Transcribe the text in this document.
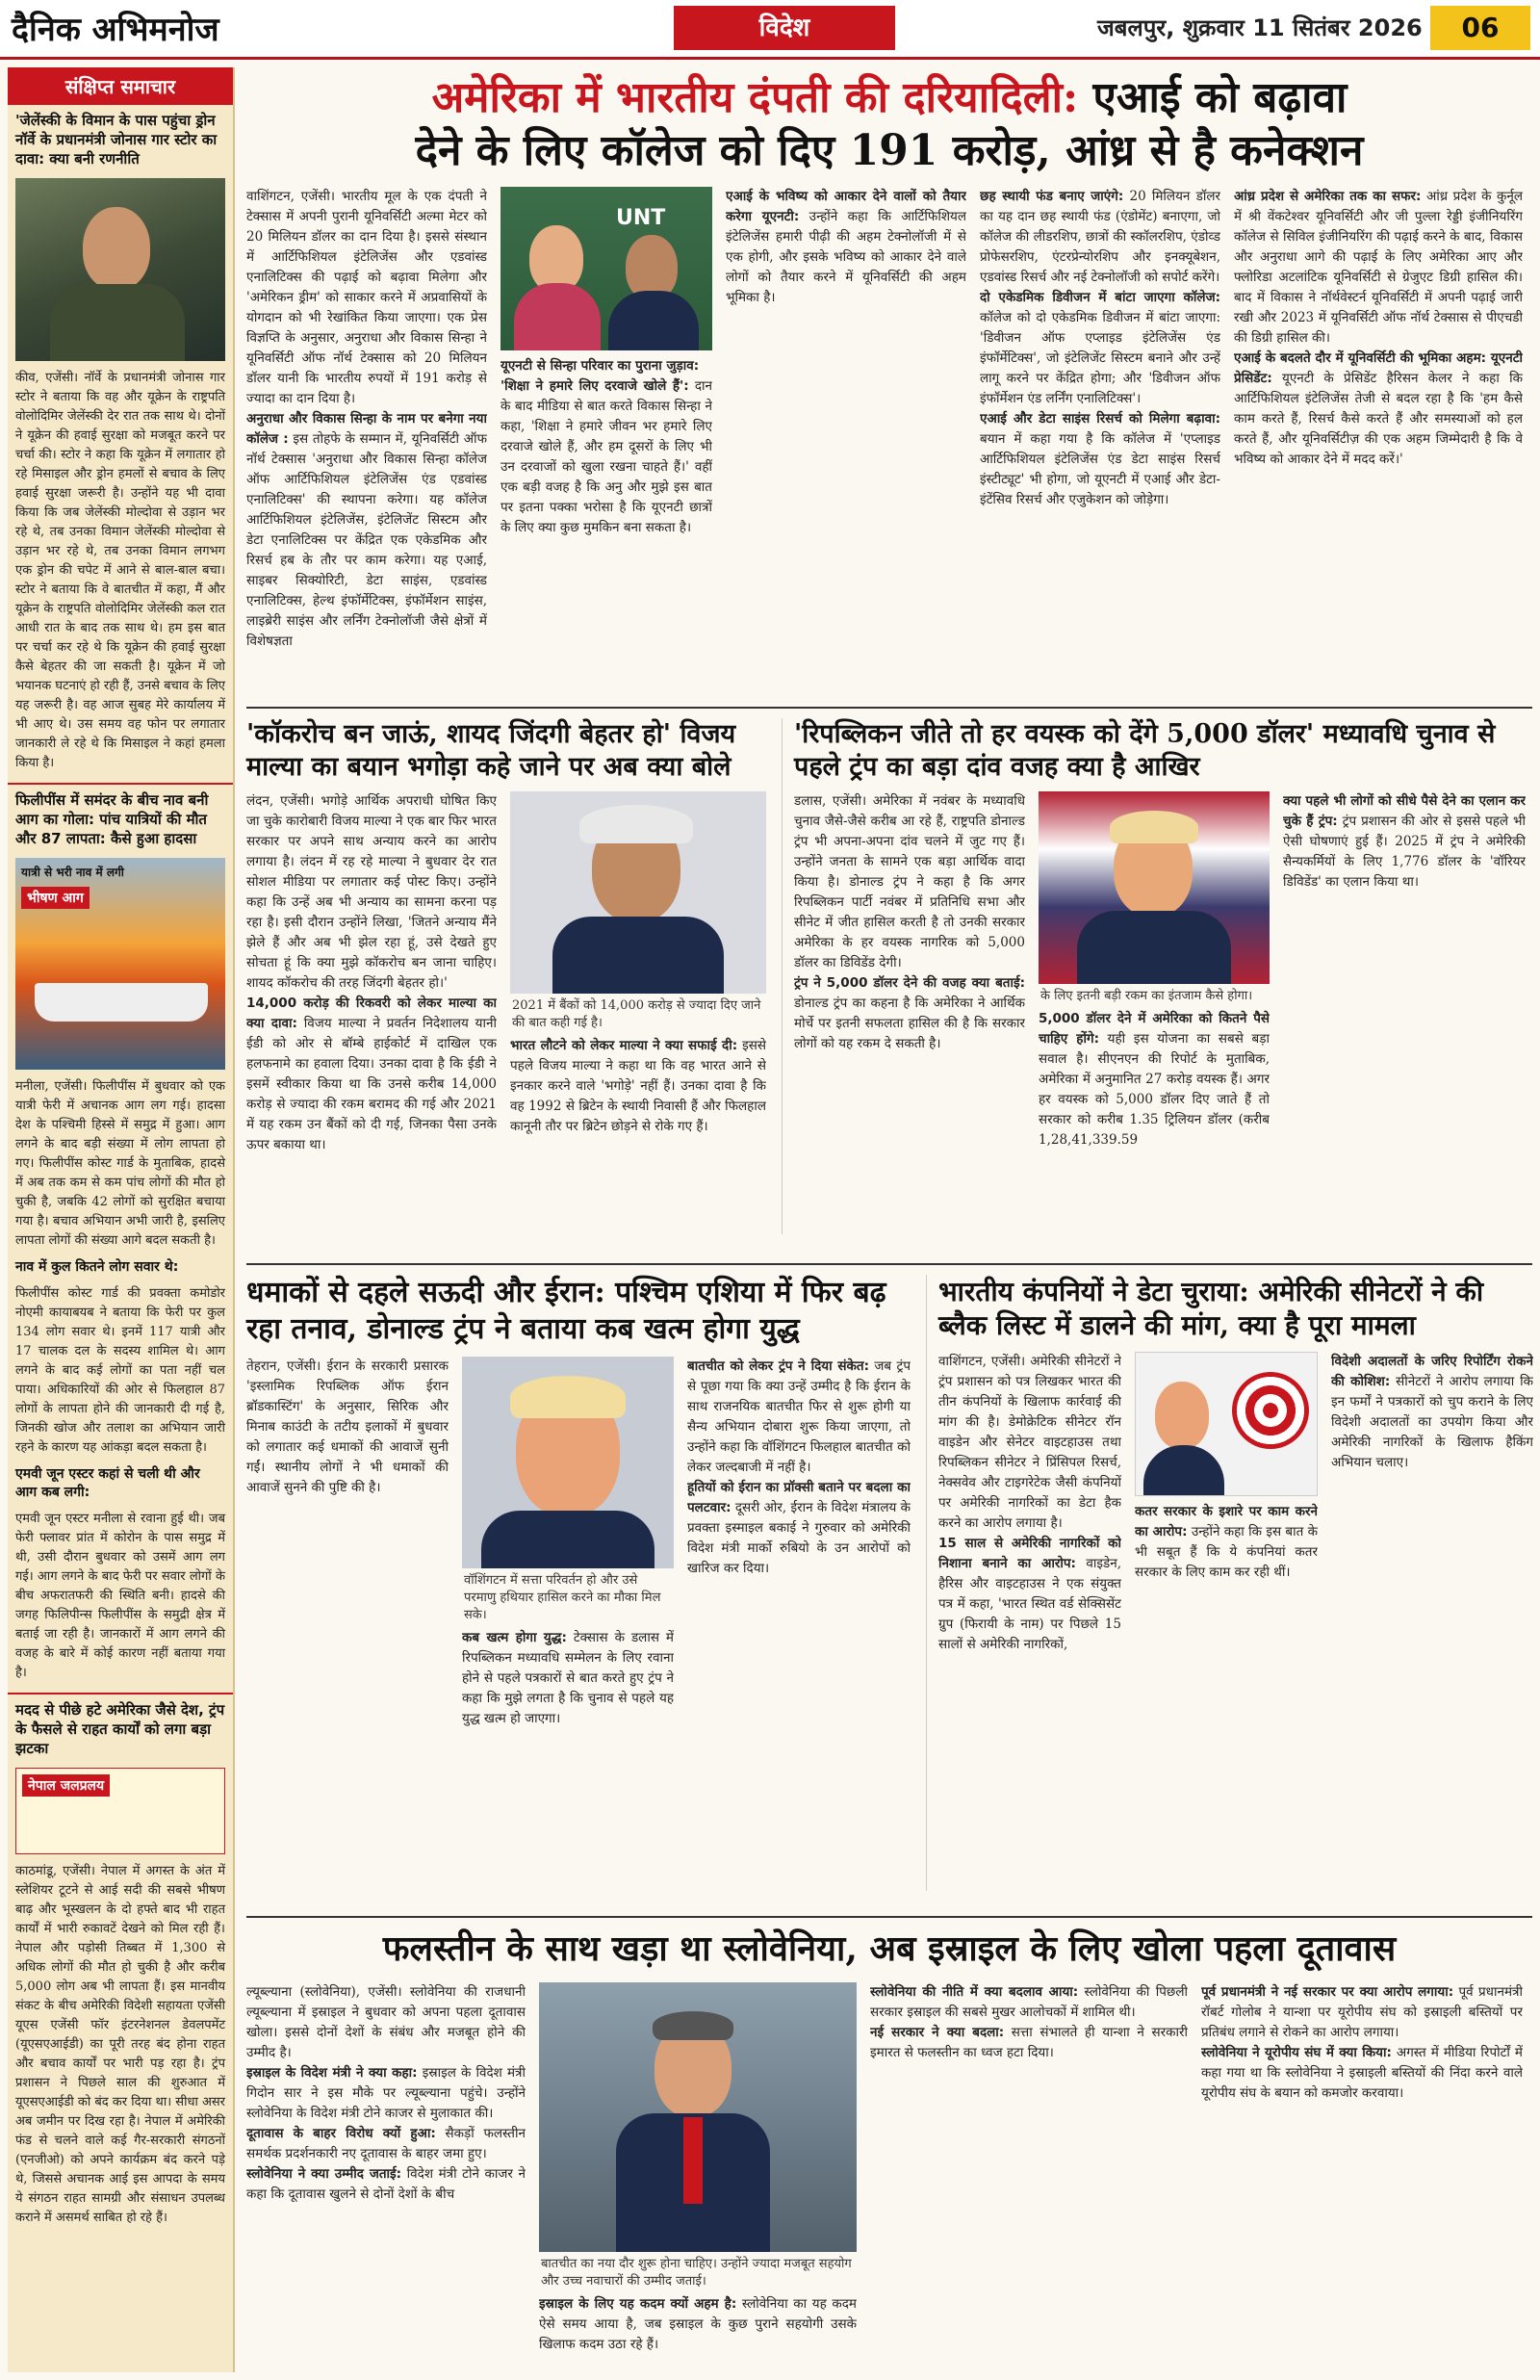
दैनिक अभिमनोज	विदेश	जबलपुर, शुक्रवार 11 सितंबर 2026	06
संक्षिप्त समाचार
'जेलेंस्की के विमान के पास पहुंचा ड्रोन नॉर्वे के प्रधानमंत्री जोनास गार स्टोर का दावा: क्या बनी रणनीति
कीव, एजेंसी। नॉर्वे के प्रधानमंत्री जोनास गार स्टोर ने बताया कि वह और यूक्रेन के राष्ट्रपति वोलोदिमिर जेलेंस्की देर रात तक साथ थे। दोनों ने यूक्रेन की हवाई सुरक्षा को मजबूत करने पर चर्चा की। स्टोर ने कहा कि यूक्रेन में लगातार हो रहे मिसाइल और ड्रोन हमलों से बचाव के लिए हवाई सुरक्षा जरूरी है। उन्होंने यह भी दावा किया कि जब जेलेंस्की मोल्दोवा से उड़ान भर रहे थे, तब उनका विमान जेलेंस्की मोल्दोवा से उड़ान भर रहे थे, तब उनका विमान लगभग एक ड्रोन की चपेट में आने से बाल-बाल बचा। स्टोर ने बताया कि वे बातचीत में कहा, मैं और यूक्रेन के राष्ट्रपति वोलोदिमिर जेलेंस्की कल रात आधी रात के बाद तक साथ थे। हम इस बात पर चर्चा कर रहे थे कि यूक्रेन की हवाई सुरक्षा कैसे बेहतर की जा सकती है। यूक्रेन में जो भयानक घटनाएं हो रही हैं, उनसे बचाव के लिए यह जरूरी है। वह आज सुबह मेरे कार्यालय में भी आए थे। उस समय वह फोन पर लगातार जानकारी ले रहे थे कि मिसाइल ने कहां हमला किया है।
फिलीपींस में समंदर के बीच नाव बनी आग का गोला: पांच यात्रियों की मौत और 87 लापता: कैसे हुआ हादसा
भीषण आग
यात्री से भरी नाव में लगी
मनीला, एजेंसी। फिलीपींस में बुधवार को एक यात्री फेरी में अचानक आग लग गई। हादसा देश के पश्चिमी हिस्से में समुद्र में हुआ। आग लगने के बाद बड़ी संख्या में लोग लापता हो गए। फिलीपींस कोस्ट गार्ड के मुताबिक, हादसे में अब तक कम से कम पांच लोगों की मौत हो चुकी है, जबकि 42 लोगों को सुरक्षित बचाया गया है। बचाव अभियान अभी जारी है, इसलिए लापता लोगों की संख्या आगे बदल सकती है।
नाव में कुल कितने लोग सवार थे:
फिलीपींस कोस्ट गार्ड की प्रवक्ता कमोडोर नोएमी कायाबयब ने बताया कि फेरी पर कुल 134 लोग सवार थे। इनमें 117 यात्री और 17 चालक दल के सदस्य शामिल थे। आग लगने के बाद कई लोगों का पता नहीं चल पाया। अधिकारियों की ओर से फिलहाल 87 लोगों के लापता होने की जानकारी दी गई है, जिनकी खोज और तलाश का अभियान जारी रहने के कारण यह आंकड़ा बदल सकता है।
एमवी जून एस्टर कहां से चली थी और आग कब लगी:
एमवी जून एस्टर मनीला से रवाना हुई थी। जब फेरी फ्लावर प्रांत में कोरोन के पास समुद्र में थी, उसी दौरान बुधवार को उसमें आग लग गई। आग लगने के बाद फेरी पर सवार लोगों के बीच अफरातफरी की स्थिति बनी। हादसे की जगह फिलिपीन्स फिलीपींस के समुद्री क्षेत्र में बताई जा रही है। जानकारों में आग लगने की वजह के बारे में कोई कारण नहीं बताया गया है।
मदद से पीछे हटे अमेरिका जैसे देश, ट्रंप के फैसले से राहत कार्यों को लगा बड़ा झटका
नेपाल जलप्रलय
काठमांडू, एजेंसी। नेपाल में अगस्त के अंत में स्लेशियर टूटने से आई सदी की सबसे भीषण बाढ़ और भूस्खलन के दो हफ्ते बाद भी राहत कार्यों में भारी रुकावटें देखने को मिल रही हैं। नेपाल और पड़ोसी तिब्बत में 1,300 से अधिक लोगों की मौत हो चुकी है और करीब 5,000 लोग अब भी लापता हैं। इस मानवीय संकट के बीच अमेरिकी विदेशी सहायता एजेंसी यूएस एजेंसी फॉर इंटरनेशनल डेवलपमेंट (यूएसएआईडी) का पूरी तरह बंद होना राहत और बचाव कार्यों पर भारी पड़ रहा है। ट्रंप प्रशासन ने पिछले साल की शुरुआत में यूएसएआईडी को बंद कर दिया था। सीधा असर अब जमीन पर दिख रहा है। नेपाल में अमेरिकी फंड से चलने वाले कई गैर-सरकारी संगठनों (एनजीओ) को अपने कार्यक्रम बंद करने पड़े थे, जिससे अचानक आई इस आपदा के समय ये संगठन राहत सामग्री और संसाधन उपलब्ध कराने में असमर्थ साबित हो रहे हैं।
अमेरिका में भारतीय दंपती की दरियादिली: एआई को बढ़ावा
देने के लिए कॉलेज को दिए 191 करोड़, आंध्र से है कनेक्शन

वाशिंगटन, एजेंसी। भारतीय मूल के एक दंपती ने टेक्सास में अपनी पुरानी यूनिवर्सिटी अल्मा मेटर को 20 मिलियन डॉलर का दान दिया है। इससे संस्थान में आर्टिफिशियल इंटेलिजेंस और एडवांस्ड एनालिटिक्स की पढ़ाई को बढ़ावा मिलेगा और 'अमेरिकन ड्रीम' को साकार करने में अप्रवासियों के योगदान को भी रेखांकित किया जाएगा। एक प्रेस विज्ञप्ति के अनुसार, अनुराधा और विकास सिन्हा ने यूनिवर्सिटी ऑफ नॉर्थ टेक्सास को 20 मिलियन डॉलर यानी कि भारतीय रुपयों में 191 करोड़ से ज्यादा का दान दिया है।

अनुराधा और विकास सिन्हा के नाम पर बनेगा नया कॉलेज : इस तोहफे के सम्मान में, यूनिवर्सिटी ऑफ नॉर्थ टेक्सास 'अनुराधा और विकास सिन्हा कॉलेज ऑफ आर्टिफिशियल इंटेलिजेंस एंड एडवांस्ड एनालिटिक्स' की स्थापना करेगा। यह कॉलेज आर्टिफिशियल इंटेलिजेंस, इंटेलिजेंट सिस्टम और डेटा एनालिटिक्स पर केंद्रित एक एकेडमिक और रिसर्च हब के तौर पर काम करेगा। यह एआई, साइबर सिक्योरिटी, डेटा साइंस, एडवांस्ड एनालिटिक्स, हेल्थ इंफॉर्मेटिक्स, इंफॉर्मेशन साइंस, लाइब्रेरी साइंस और लर्निंग टेक्नोलॉजी जैसे क्षेत्रों में विशेषज्ञता

UNT

यूएनटी से सिन्हा परिवार का पुराना जुड़ाव:

'शिक्षा ने हमारे लिए दरवाजे खोले हैं': दान के बाद मीडिया से बात करते विकास सिन्हा ने कहा, 'शिक्षा ने हमारे जीवन भर हमारे लिए दरवाजे खोले हैं, और हम दूसरों के लिए भी उन दरवाजों को खुला रखना चाहते हैं।' वहीं एक बड़ी वजह है कि अनु और मुझे इस बात पर इतना पक्का भरोसा है कि यूएनटी छात्रों के लिए क्या कुछ मुमकिन बना सकता है।

एआई के भविष्य को आकार देने वालों को तैयार करेगा यूएनटी: उन्होंने कहा कि आर्टिफिशियल इंटेलिजेंस हमारी पीढ़ी की अहम टेक्नोलॉजी में से एक होगी, और इसके भविष्य को आकार देने वाले लोगों को तैयार करने में यूनिवर्सिटी की अहम भूमिका है।

छह स्थायी फंड बनाए जाएंगे: 20 मिलियन डॉलर का यह दान छह स्थायी फंड (एंडोमेंट) बनाएगा, जो कॉलेज की लीडरशिप, छात्रों की स्कॉलरशिप, एंडोव्ड प्रोफेसरशिप, एंटरप्रेन्योरशिप और इनक्यूबेशन, एडवांस्ड रिसर्च और नई टेक्नोलॉजी को सपोर्ट करेंगे।

दो एकेडमिक डिवीजन में बांटा जाएगा कॉलेज: कॉलेज को दो एकेडमिक डिवीजन में बांटा जाएगा: 'डिवीजन ऑफ एप्लाइड इंटेलिजेंस एंड इंफॉर्मेटिक्स', जो इंटेलिजेंट सिस्टम बनाने और उन्हें लागू करने पर केंद्रित होगा; और 'डिवीजन ऑफ इंफॉर्मेशन एंड लर्निंग एनालिटिक्स'।

एआई और डेटा साइंस रिसर्च को मिलेगा बढ़ावा: बयान में कहा गया है कि कॉलेज में 'एप्लाइड आर्टिफिशियल इंटेलिजेंस एंड डेटा साइंस रिसर्च इंस्टीट्यूट' भी होगा, जो यूएनटी में एआई और डेटा-इंटेंसिव रिसर्च और एजुकेशन को जोड़ेगा।

आंध्र प्रदेश से अमेरिका तक का सफर: आंध्र प्रदेश के कुर्नूल में श्री वेंकटेश्वर यूनिवर्सिटी और जी पुल्ला रेड्डी इंजीनियरिंग कॉलेज से सिविल इंजीनियरिंग की पढ़ाई करने के बाद, विकास और अनुराधा आगे की पढ़ाई के लिए अमेरिका आए और फ्लोरिडा अटलांटिक यूनिवर्सिटी से ग्रेजुएट डिग्री हासिल की। बाद में विकास ने नॉर्थवेस्टर्न यूनिवर्सिटी में अपनी पढ़ाई जारी रखी और 2023 में यूनिवर्सिटी ऑफ नॉर्थ टेक्सास से पीएचडी की डिग्री हासिल की।

एआई के बदलते दौर में यूनिवर्सिटी की भूमिका अहम: यूएनटी प्रेसिडेंट: यूएनटी के प्रेसिडेंट हैरिसन केलर ने कहा कि आर्टिफिशियल इंटेलिजेंस तेजी से बदल रहा है कि 'हम कैसे काम करते हैं, रिसर्च कैसे करते हैं और समस्याओं को हल करते हैं, और यूनिवर्सिटीज़ की एक अहम जिम्मेदारी है कि वे भविष्य को आकार देने में मदद करें।'

'कॉकरोच बन जाऊं, शायद जिंदगी बेहतर हो' विजय माल्या का बयान भगोड़ा कहे जाने पर अब क्या बोले

लंदन, एजेंसी। भगोड़े आर्थिक अपराधी घोषित किए जा चुके कारोबारी विजय माल्या ने एक बार फिर भारत सरकार पर अपने साथ अन्याय करने का आरोप लगाया है। लंदन में रह रहे माल्या ने बुधवार देर रात सोशल मीडिया पर लगातार कई पोस्ट किए। उन्होंने कहा कि उन्हें अब भी अन्याय का सामना करना पड़ रहा है। इसी दौरान उन्होंने लिखा, 'जितने अन्याय मैंने झेले हैं और अब भी झेल रहा हूं, उसे देखते हुए सोचता हूं कि क्या मुझे कॉकरोच बन जाना चाहिए। शायद कॉकरोच की तरह जिंदगी बेहतर हो।'

14,000 करोड़ की रिकवरी को लेकर माल्या का क्या दावा: विजय माल्या ने प्रवर्तन निदेशालय यानी ईडी को ओर से बॉम्बे हाईकोर्ट में दाखिल एक हलफनामे का हवाला दिया। उनका दावा है कि ईडी ने इसमें स्वीकार किया था कि उनसे करीब 14,000 करोड़ से ज्यादा की रकम बरामद की गई और 2021 में यह रकम उन बैंकों को दी गई, जिनका पैसा उनके ऊपर बकाया था।

2021 में बैंकों को 14,000 करोड़ से ज्यादा दिए जाने की बात कही गई है।

भारत लौटने को लेकर माल्या ने क्या सफाई दी: इससे पहले विजय माल्या ने कहा था कि वह भारत आने से इनकार करने वाले 'भगोड़े' नहीं हैं। उनका दावा है कि वह 1992 से ब्रिटेन के स्थायी निवासी हैं और फिलहाल कानूनी तौर पर ब्रिटेन छोड़ने से रोके गए हैं।

'रिपब्लिकन जीते तो हर वयस्क को देंगे 5,000 डॉलर' मध्यावधि चुनाव से पहले ट्रंप का बड़ा दांव वजह क्या है आखिर

डलास, एजेंसी। अमेरिका में नवंबर के मध्यावधि चुनाव जैसे-जैसे करीब आ रहे हैं, राष्ट्रपति डोनाल्ड ट्रंप भी अपना-अपना दांव चलने में जुट गए हैं। उन्होंने जनता के सामने एक बड़ा आर्थिक वादा किया है। डोनाल्ड ट्रंप ने कहा है कि अगर रिपब्लिकन पार्टी नवंबर में प्रतिनिधि सभा और सीनेट में जीत हासिल करती है तो उनकी सरकार अमेरिका के हर वयस्क नागरिक को 5,000 डॉलर का डिविडेंड देगी।

ट्रंप ने 5,000 डॉलर देने की वजह क्या बताई: डोनाल्ड ट्रंप का कहना है कि अमेरिका ने आर्थिक मोर्चे पर इतनी सफलता हासिल की है कि सरकार लोगों को यह रकम दे सकती है।

के लिए इतनी बड़ी रकम का इंतजाम कैसे होगा।

5,000 डॉलर देने में अमेरिका को कितने पैसे चाहिए होंगे: यही इस योजना का सबसे बड़ा सवाल है। सीएनएन की रिपोर्ट के मुताबिक, अमेरिका में अनुमानित 27 करोड़ वयस्क हैं। अगर हर वयस्क को 5,000 डॉलर दिए जाते हैं तो सरकार को करीब 1.35 ट्रिलियन डॉलर (करीब 1,28,41,339.59

क्या पहले भी लोगों को सीधे पैसे देने का एलान कर चुके हैं ट्रंप: ट्रंप प्रशासन की ओर से इससे पहले भी ऐसी घोषणाएं हुई हैं। 2025 में ट्रंप ने अमेरिकी सैन्यकर्मियों के लिए 1,776 डॉलर के 'वॉरियर डिविडेंड' का एलान किया था।

धमाकों से दहले सऊदी और ईरान: पश्चिम एशिया में फिर बढ़ रहा तनाव, डोनाल्ड ट्रंप ने बताया कब खत्म होगा युद्ध

तेहरान, एजेंसी। ईरान के सरकारी प्रसारक 'इस्लामिक रिपब्लिक ऑफ ईरान ब्रॉडकास्टिंग' के अनुसार, सिरिक और मिनाब काउंटी के तटीय इलाकों में बुधवार को लगातार कई धमाकों की आवाजें सुनी गईं। स्थानीय लोगों ने भी धमाकों की आवाजें सुनने की पुष्टि की है।

वॉशिंगटन में सत्ता परिवर्तन हो और उसे परमाणु हथियार हासिल करने का मौका मिल सके।

कब खत्म होगा युद्ध: टेक्सास के डलास में रिपब्लिकन मध्यावधि सम्मेलन के लिए रवाना होने से पहले पत्रकारों से बात करते हुए ट्रंप ने कहा कि मुझे लगता है कि चुनाव से पहले यह युद्ध खत्म हो जाएगा।

बातचीत को लेकर ट्रंप ने दिया संकेत: जब ट्रंप से पूछा गया कि क्या उन्हें उम्मीद है कि ईरान के साथ राजनयिक बातचीत फिर से शुरू होगी या सैन्य अभियान दोबारा शुरू किया जाएगा, तो उन्होंने कहा कि वॉशिंगटन फिलहाल बातचीत को लेकर जल्दबाजी में नहीं है।

हूतियों को ईरान का प्रॉक्सी बताने पर बदला का पलटवार: दूसरी ओर, ईरान के विदेश मंत्रालय के प्रवक्ता इस्माइल बकाई ने गुरुवार को अमेरिकी विदेश मंत्री मार्को रुबियो के उन आरोपों को खारिज कर दिया।

भारतीय कंपनियों ने डेटा चुराया: अमेरिकी सीनेटरों ने की ब्लैक लिस्ट में डालने की मांग, क्या है पूरा मामला

वाशिंगटन, एजेंसी। अमेरिकी सीनेटरों ने ट्रंप प्रशासन को पत्र लिखकर भारत की तीन कंपनियों के खिलाफ कार्रवाई की मांग की है। डेमोक्रेटिक सीनेटर रॉन वाइडेन और सेनेटर वाइटहाउस तथा रिपब्लिकन सीनेटर ने प्रिंसिपल रिसर्च, नेक्सवेव और टाइगरेटेक जैसी कंपनियों पर अमेरिकी नागरिकों का डेटा हैक करने का आरोप लगाया है।

15 साल से अमेरिकी नागरिकों को निशाना बनाने का आरोप: वाइडेन, हैरिस और वाइटहाउस ने एक संयुक्त पत्र में कहा, 'भारत स्थित वर्ड सेक्सिसेंट ग्रुप (फिरायी के नाम) पर पिछले 15 सालों से अमेरिकी नागरिकों,

कतर सरकार के इशारे पर काम करने का आरोप: उन्होंने कहा कि इस बात के भी सबूत हैं कि ये कंपनियां कतर सरकार के लिए काम कर रही थीं।

विदेशी अदालतों के जरिए रिपोर्टिंग रोकने की कोशिश: सीनेटरों ने आरोप लगाया कि इन फर्मों ने पत्रकारों को चुप कराने के लिए विदेशी अदालतों का उपयोग किया और अमेरिकी नागरिकों के खिलाफ हैकिंग अभियान चलाए।

फलस्तीन के साथ खड़ा था स्लोवेनिया, अब इस्राइल के लिए खोला पहला दूतावास

ल्यूब्ल्याना (स्लोवेनिया), एजेंसी। स्लोवेनिया की राजधानी ल्यूब्ल्याना में इस्राइल ने बुधवार को अपना पहला दूतावास खोला। इससे दोनों देशों के संबंध और मजबूत होने की उम्मीद है।

इस्राइल के विदेश मंत्री ने क्या कहा: इस्राइल के विदेश मंत्री गिदोन सार ने इस मौके पर ल्यूब्ल्याना पहुंचे। उन्होंने स्लोवेनिया के विदेश मंत्री टोने काजर से मुलाकात की।

दूतावास के बाहर विरोध क्यों हुआ: सैकड़ों फलस्तीन समर्थक प्रदर्शनकारी नए दूतावास के बाहर जमा हुए।

स्लोवेनिया ने क्या उम्मीद जताई: विदेश मंत्री टोने काजर ने कहा कि दूतावास खुलने से दोनों देशों के बीच

बातचीत का नया दौर शुरू होना चाहिए। उन्होंने ज्यादा मजबूत सहयोग और उच्च नवाचारों की उम्मीद जताई।

इस्राइल के लिए यह कदम क्यों अहम है: स्लोवेनिया का यह कदम ऐसे समय आया है, जब इस्राइल के कुछ पुराने सहयोगी उसके खिलाफ कदम उठा रहे हैं।

स्लोवेनिया की नीति में क्या बदलाव आया: स्लोवेनिया की पिछली सरकार इस्राइल की सबसे मुखर आलोचकों में शामिल थी।

नई सरकार ने क्या बदला: सत्ता संभालते ही यान्शा ने सरकारी इमारत से फलस्तीन का ध्वज हटा दिया।

पूर्व प्रधानमंत्री ने नई सरकार पर क्या आरोप लगाया: पूर्व प्रधानमंत्री रॉबर्ट गोलोब ने यान्शा पर यूरोपीय संघ को इस्राइली बस्तियों पर प्रतिबंध लगाने से रोकने का आरोप लगाया।

स्लोवेनिया ने यूरोपीय संघ में क्या किया: अगस्त में मीडिया रिपोर्टों में कहा गया था कि स्लोवेनिया ने इस्राइली बस्तियों की निंदा करने वाले यूरोपीय संघ के बयान को कमजोर करवाया।
